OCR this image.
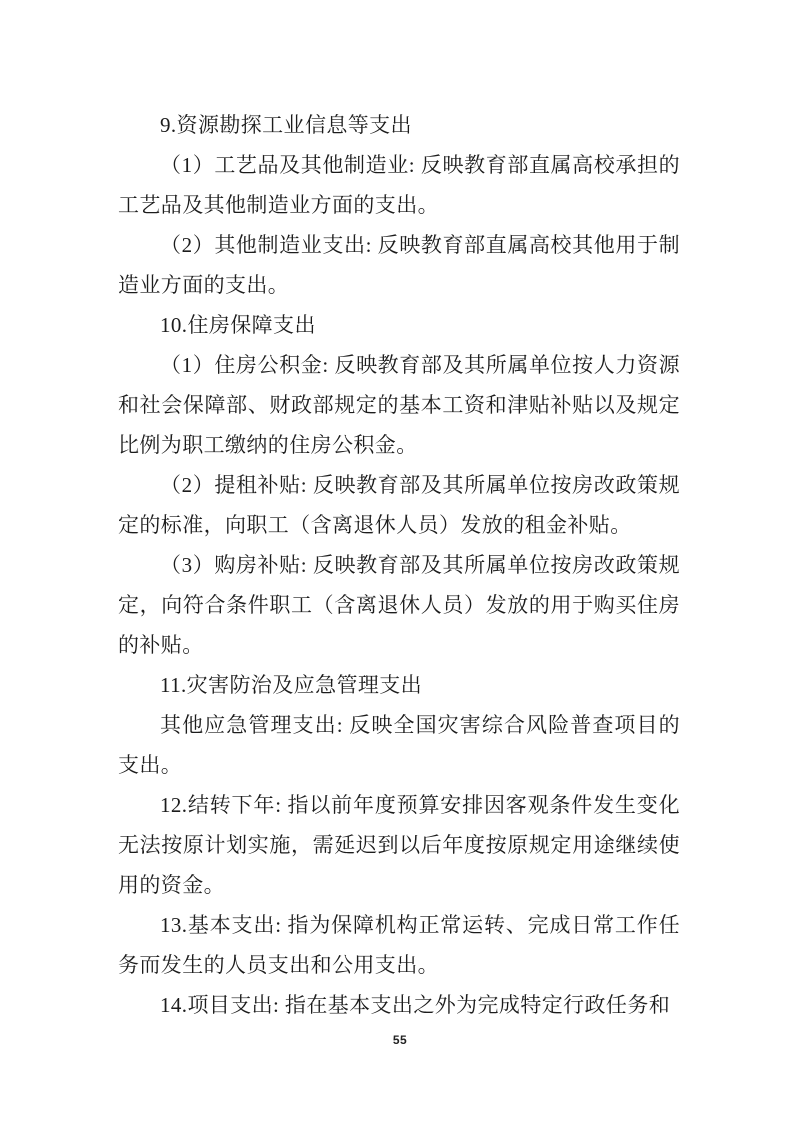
9.资源勘探工业信息等支出

（1）工艺品及其他制造业: 反映教育部直属高校承担的工艺品及其他制造业方面的支出。

（2）其他制造业支出: 反映教育部直属高校其他用于制造业方面的支出。

10.住房保障支出

（1）住房公积金: 反映教育部及其所属单位按人力资源和社会保障部、财政部规定的基本工资和津贴补贴以及规定比例为职工缴纳的住房公积金。

（2）提租补贴: 反映教育部及其所属单位按房改政策规定的标准，向职工（含离退休人员）发放的租金补贴。

（3）购房补贴: 反映教育部及其所属单位按房改政策规定，向符合条件职工（含离退休人员）发放的用于购买住房的补贴。

11.灾害防治及应急管理支出

其他应急管理支出: 反映全国灾害综合风险普查项目的支出。

12.结转下年: 指以前年度预算安排因客观条件发生变化无法按原计划实施，需延迟到以后年度按原规定用途继续使用的资金。

13.基本支出: 指为保障机构正常运转、完成日常工作任务而发生的人员支出和公用支出。

14.项目支出: 指在基本支出之外为完成特定行政任务和

55
